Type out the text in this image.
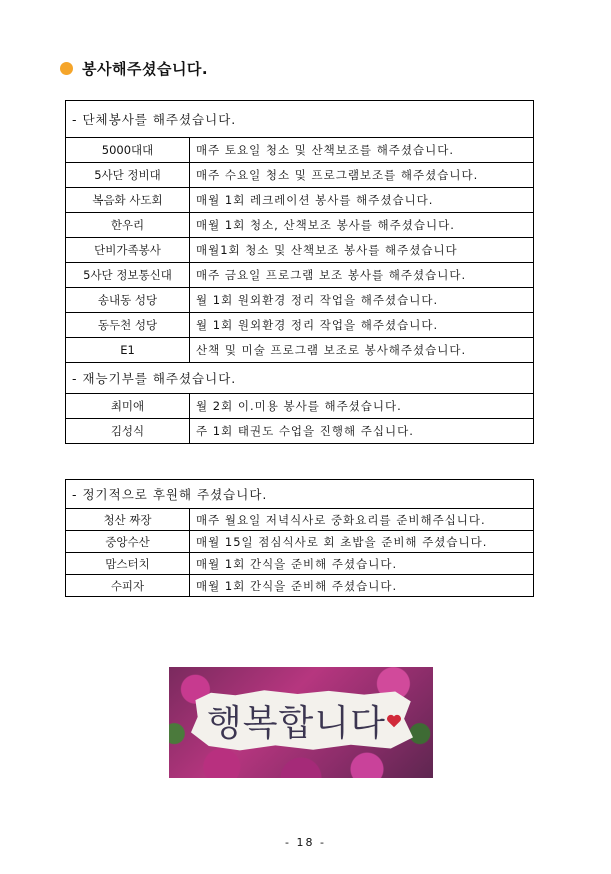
봉사해주셨습니다.
- 단체봉사를 해주셨습니다.	
5000대대	매주 토요일 청소 및 산책보조를 해주셨습니다.
5사단 정비대	매주 수요일 청소 및 프로그램보조를 해주셨습니다.
복음화 사도회	매월 1회 레크레이션 봉사를 해주셨습니다.
한우리	매월 1회 청소, 산책보조 봉사를 해주셨습니다.
단비가족봉사	매월1회 청소 및 산책보조 봉사를 해주셨습니다
5사단 정보통신대	매주 금요일 프로그램 보조 봉사를 해주셨습니다.
송내동 성당	월 1회 원외환경 정리 작업을 해주셨습니다.
동두천 성당	월 1회 원외환경 정리 작업을 해주셨습니다.
E1	산책 및 미술 프로그램 보조로 봉사해주셨습니다.
- 재능기부를 해주셨습니다.	
최미애	월 2회 이.미용 봉사를 해주셨습니다.
김성식	주 1회 태권도 수업을 진행해 주십니다.
- 정기적으로 후원해 주셨습니다.	
청산 짜장	매주 월요일 저녁식사로 중화요리를 준비해주십니다.
중앙수산	매월 15일 점심식사로 회 초밥을 준비해 주셨습니다.
맘스터치	매월 1회 간식을 준비해 주셨습니다.
수피자	매월 1회 간식을 준비해 주셨습니다.
행복합니다
- 18 -
